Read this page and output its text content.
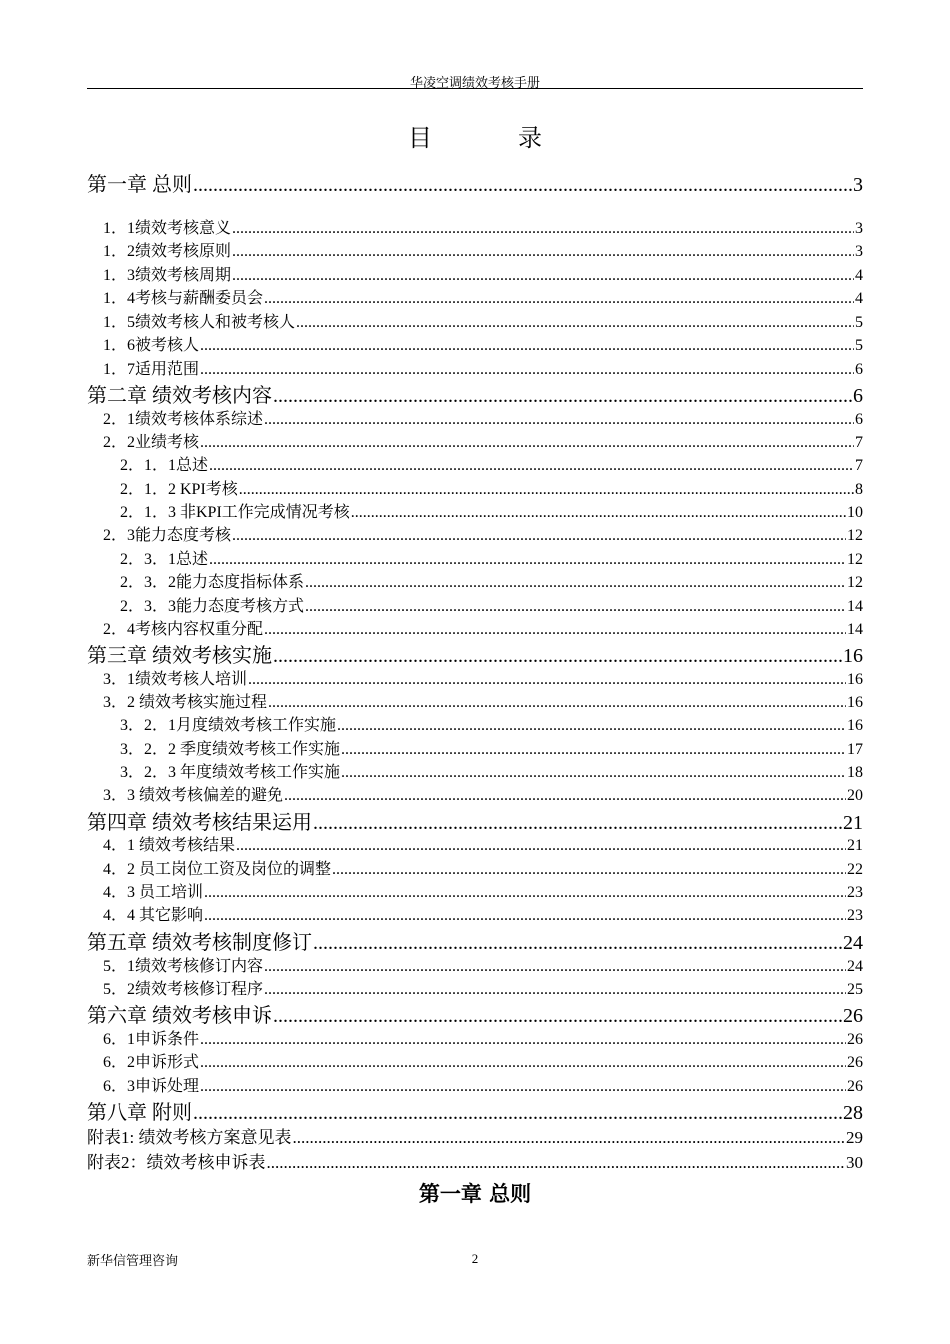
华凌空调绩效考核手册
目	录
第一章 总则 .....	3
1．1绩效考核意义 .....	3
1．2绩效考核原则 .....	3
1．3绩效考核周期 .....	4
1．4考核与薪酬委员会 .....	4
1．5绩效考核人和被考核人 .....	5
1．6被考核人 .....	5
1．7适用范围 .....	6
第二章 绩效考核内容 .....	6
2．1绩效考核体系综述 .....	6
2．2业绩考核 .....	7
2．1．1总述 .....	7
2．1．2 KPI考核 .....	8
2．1．3 非KPI工作完成情况考核 .....	10
2．3能力态度考核 .....	12
2．3．1总述 .....	12
2．3．2能力态度指标体系 .....	12
2．3．3能力态度考核方式 .....	14
2．4考核内容权重分配 .....	14
第三章 绩效考核实施 .....	16
3．1绩效考核人培训 .....	16
3．2 绩效考核实施过程 .....	16
3．2．1月度绩效考核工作实施 .....	16
3．2．2 季度绩效考核工作实施 .....	17
3．2．3 年度绩效考核工作实施 .....	18
3．3 绩效考核偏差的避免 .....	20
第四章 绩效考核结果运用 .....	21
4．1 绩效考核结果 .....	21
4．2 员工岗位工资及岗位的调整 .....	22
4．3 员工培训 .....	23
4．4 其它影响 .....	23
第五章 绩效考核制度修订 .....	24
5．1绩效考核修订内容 .....	24
5．2绩效考核修订程序 .....	25
第六章 绩效考核申诉 .....	26
6．1申诉条件 .....	26
6．2申诉形式 .....	26
6．3申诉处理 .....	26
第八章 附则 .....	28
附表1: 绩效考核方案意见表 .....	29
附表2：绩效考核申诉表 .....	30
第一章 总则
新华信管理咨询	2
